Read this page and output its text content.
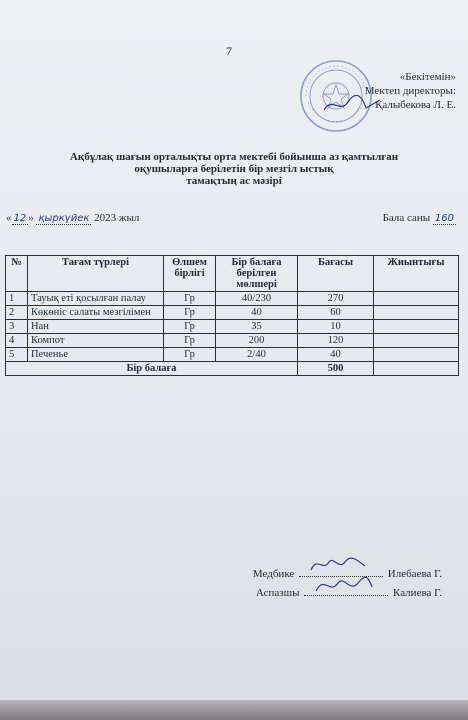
7
«Бекітемін»
Мектеп директоры:
Қалыбекова Л. Е.
Ақбұлақ шағын орталықты орта мектебі бойынша аз қамтылған
оқушыларға берілетін бір мезгіл ыстық
тамақтың ас мәзірі
« 12 » қыркүйек 2023 жыл	Бала саны 160
№	Тағам түрлері	Өлшем бірлігі	Бір балаға берілген мөлшері	Бағасы	Жиынтығы
1	Тауық еті қосылған палау	Гр	40/230	270	
2	Көкөніс салаты мезгілімен	Гр	40	60	
3	Нан	Гр	35	10	
4	Компот	Гр	200	120	
5	Печенье	Гр	2/40	40	
Бір балаға				500	
Медбике	Илебаева Г.
Аспазшы	Калиева Г.
